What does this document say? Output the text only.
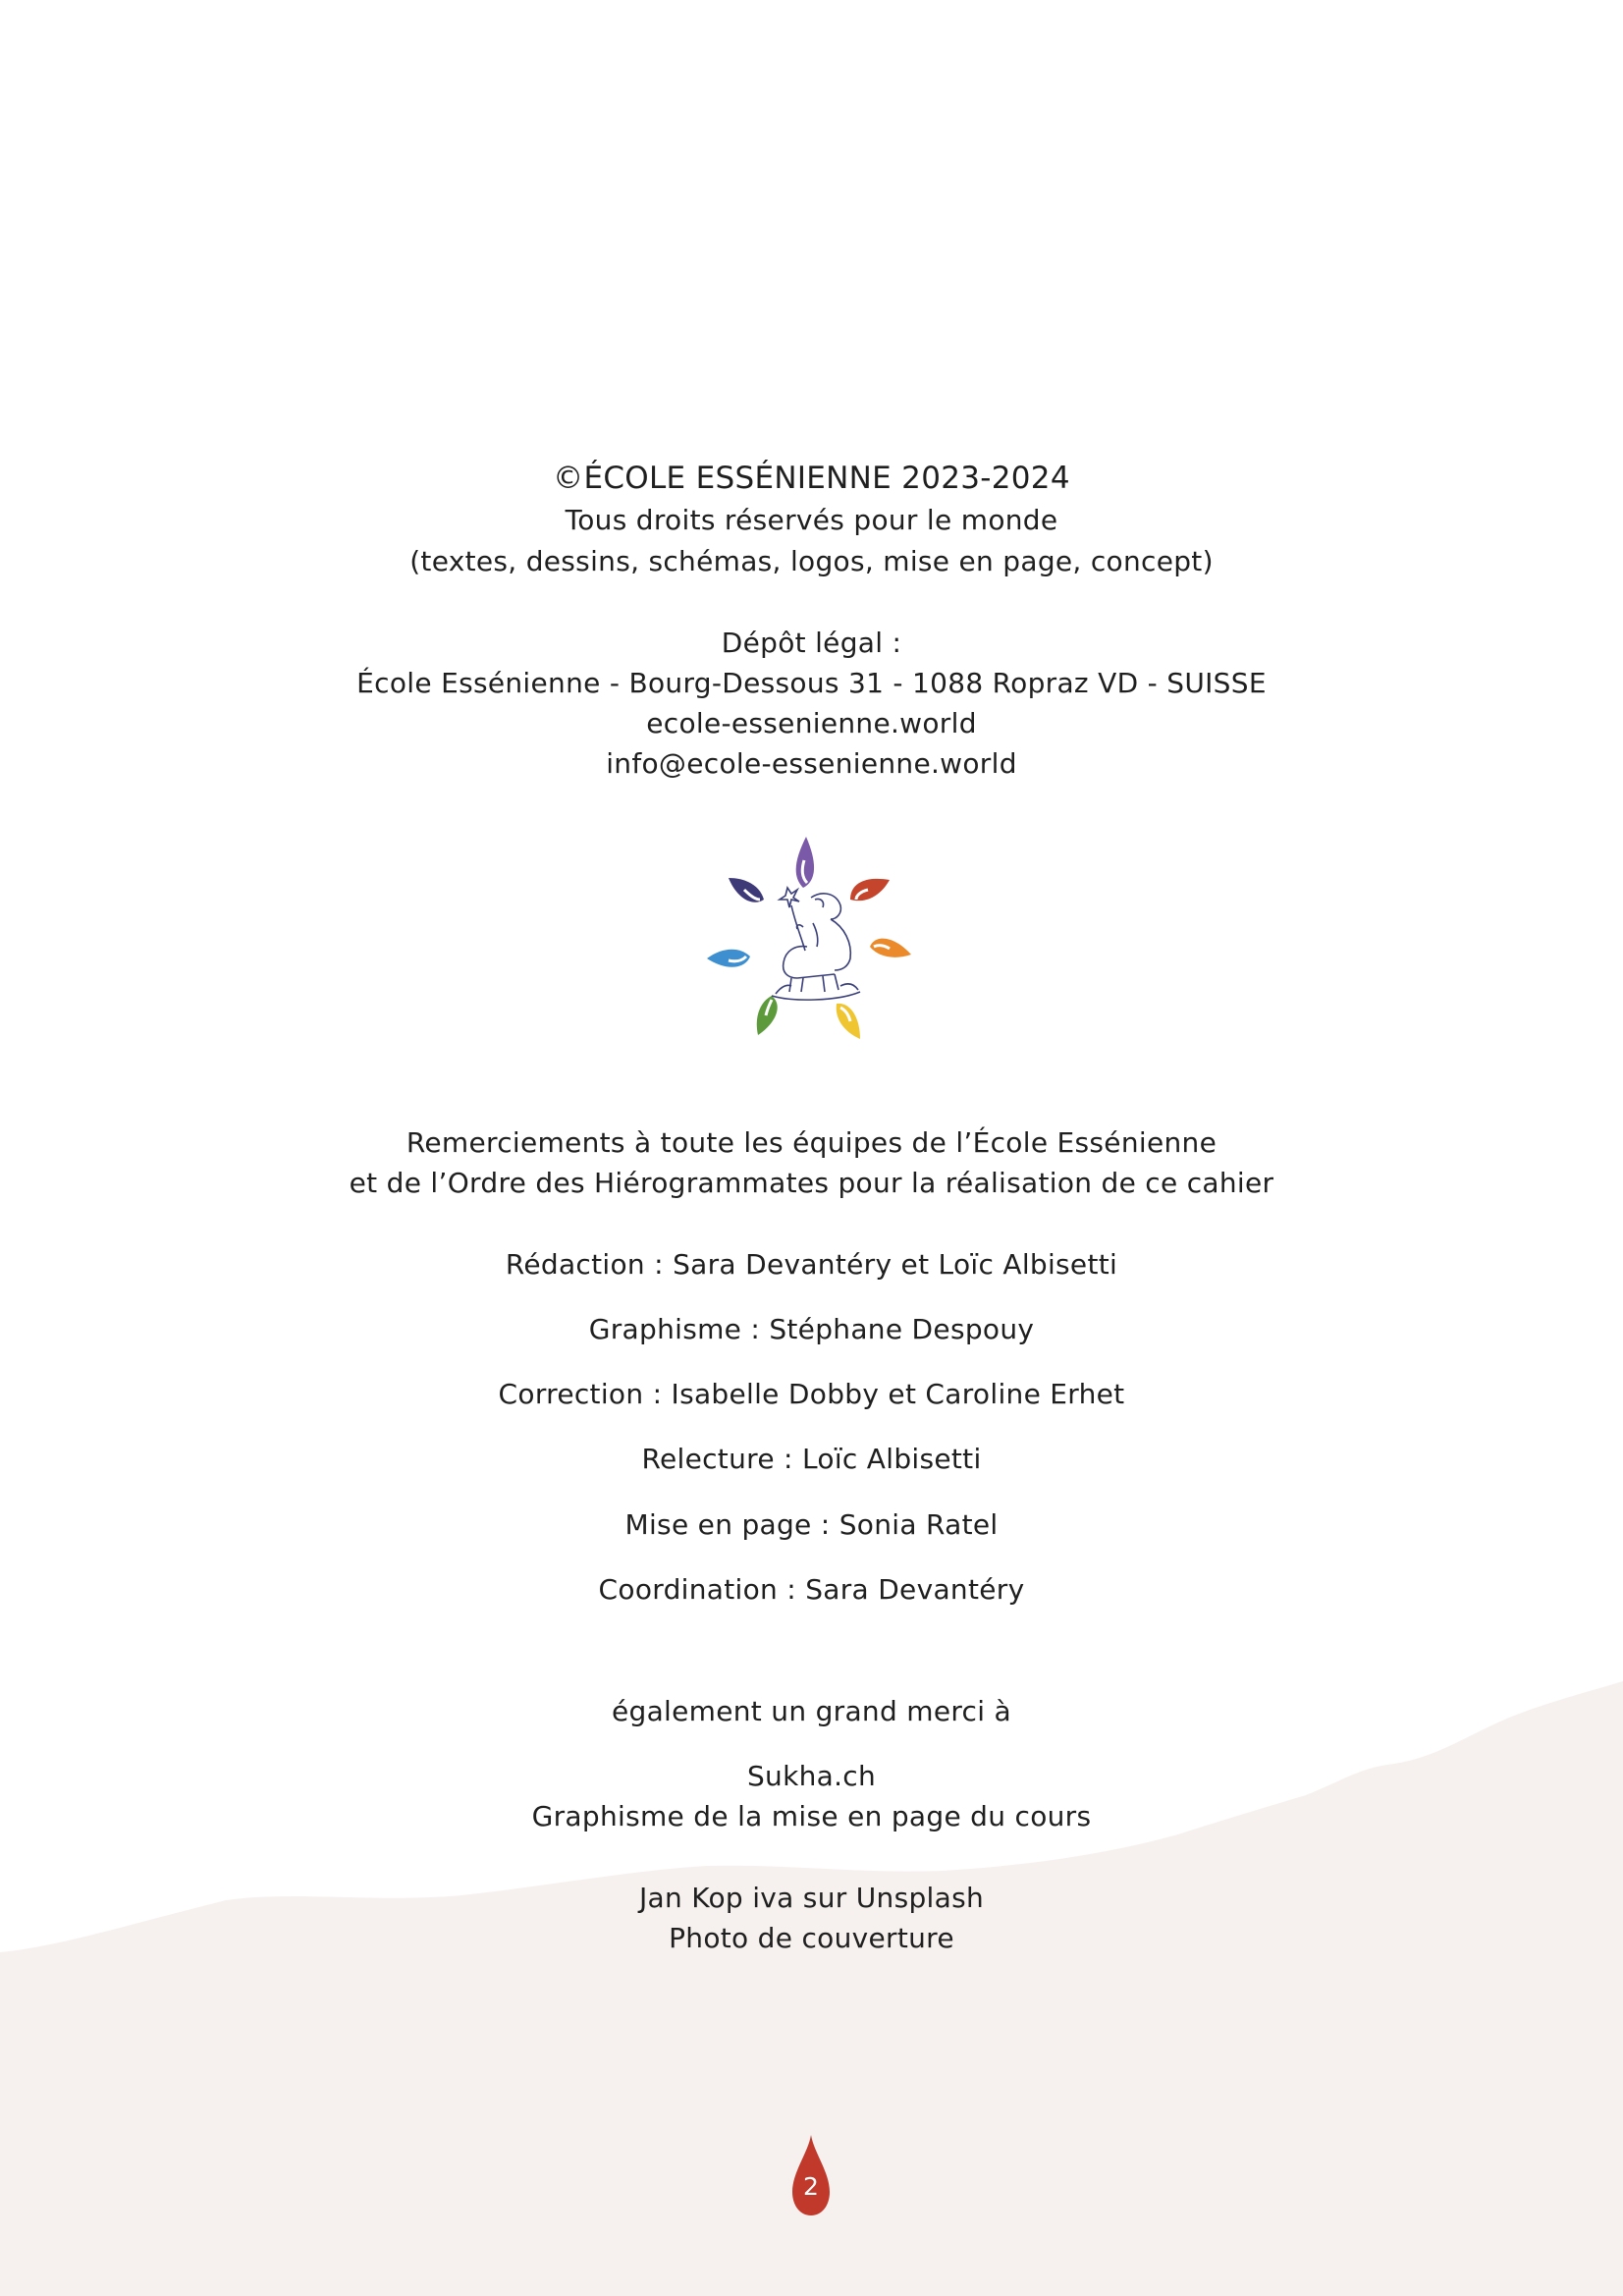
©ÉCOLE ESSÉNIENNE 2023-2024
Tous droits réservés pour le monde
(textes, dessins, schémas, logos, mise en page, concept)
Dépôt légal :
École Essénienne - Bourg-Dessous 31 - 1088 Ropraz VD - SUISSE
ecole-essenienne.world
info@ecole-essenienne.world
Remerciements à toute les équipes de l’École Essénienne
et de l’Ordre des Hiérogrammates pour la réalisation de ce cahier
Rédaction : Sara Devantéry et Loïc Albisetti
Graphisme : Stéphane Despouy
Correction : Isabelle Dobby et Caroline Erhet
Relecture : Loïc Albisetti
Mise en page : Sonia Ratel
Coordination : Sara Devantéry
également un grand merci à
Sukha.ch
Graphisme de la mise en page du cours
Jan Kop iva sur Unsplash
Photo de couverture
2
